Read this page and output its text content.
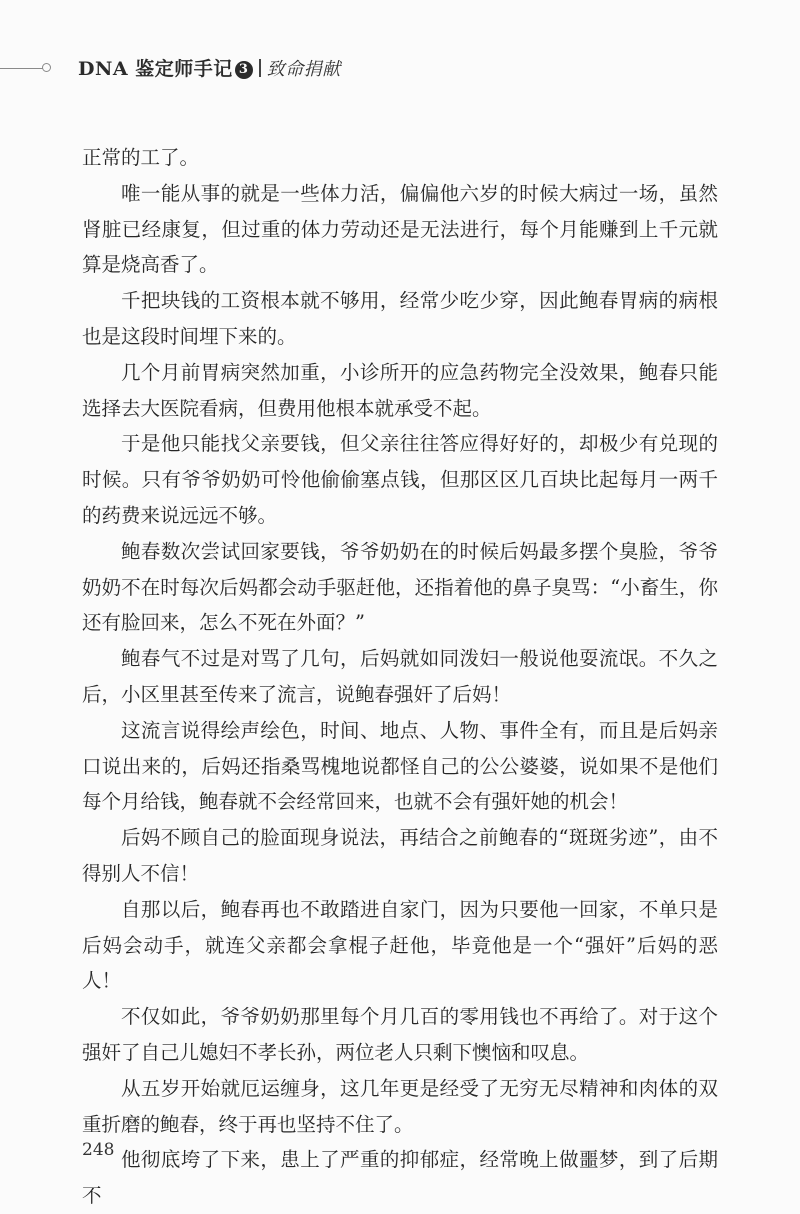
DNA 鉴定师手记 3 致命捐献

正常的工了。

唯一能从事的就是一些体力活，偏偏他六岁的时候大病过一场，虽然肾脏已经康复，但过重的体力劳动还是无法进行，每个月能赚到上千元就算是烧高香了。

千把块钱的工资根本就不够用，经常少吃少穿，因此鲍春胃病的病根也是这段时间埋下来的。

几个月前胃病突然加重，小诊所开的应急药物完全没效果，鲍春只能选择去大医院看病，但费用他根本就承受不起。

于是他只能找父亲要钱，但父亲往往答应得好好的，却极少有兑现的时候。只有爷爷奶奶可怜他偷偷塞点钱，但那区区几百块比起每月一两千的药费来说远远不够。

鲍春数次尝试回家要钱，爷爷奶奶在的时候后妈最多摆个臭脸，爷爷奶奶不在时每次后妈都会动手驱赶他，还指着他的鼻子臭骂：“小畜生，你还有脸回来，怎么不死在外面？”

鲍春气不过是对骂了几句，后妈就如同泼妇一般说他耍流氓。不久之后，小区里甚至传来了流言，说鲍春强奸了后妈！

这流言说得绘声绘色，时间、地点、人物、事件全有，而且是后妈亲口说出来的，后妈还指桑骂槐地说都怪自己的公公婆婆，说如果不是他们每个月给钱，鲍春就不会经常回来，也就不会有强奸她的机会！

后妈不顾自己的脸面现身说法，再结合之前鲍春的“斑斑劣迹”，由不得别人不信！

自那以后，鲍春再也不敢踏进自家门，因为只要他一回家，不单只是后妈会动手，就连父亲都会拿棍子赶他，毕竟他是一个“强奸”后妈的恶人！

不仅如此，爷爷奶奶那里每个月几百的零用钱也不再给了。对于这个强奸了自己儿媳妇不孝长孙，两位老人只剩下懊恼和叹息。

从五岁开始就厄运缠身，这几年更是经受了无穷无尽精神和肉体的双重折磨的鲍春，终于再也坚持不住了。

他彻底垮了下来，患上了严重的抑郁症，经常晚上做噩梦，到了后期不

248
